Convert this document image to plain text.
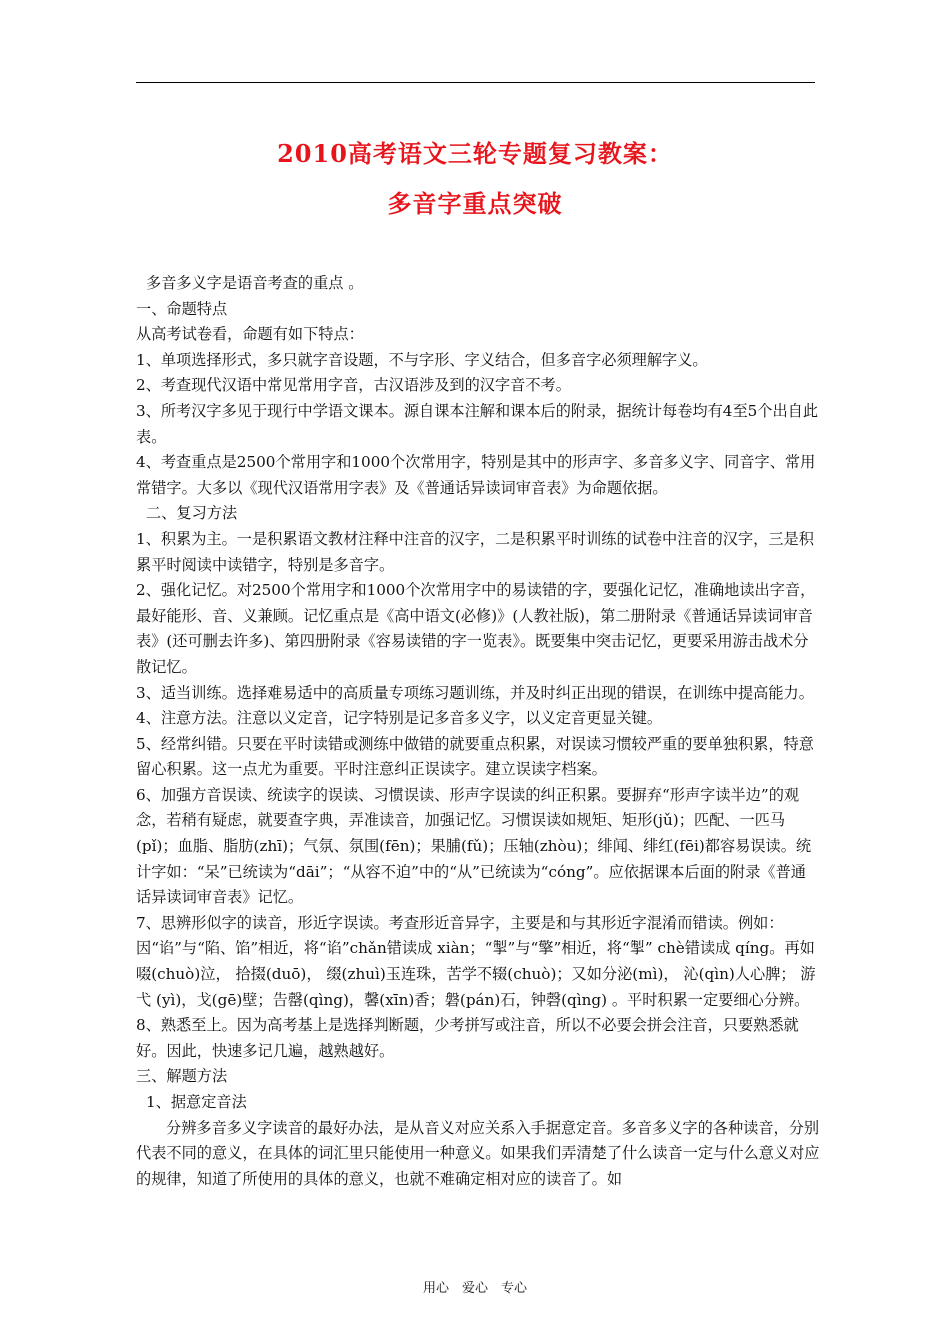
2010高考语文三轮专题复习教案：
多音字重点突破

多音多义字是语音考查的重点 。

一、命题特点

从高考试卷看，命题有如下特点：

1、单项选择形式，多只就字音设题，不与字形、字义结合，但多音字必须理解字义。

2、考查现代汉语中常见常用字音，古汉语涉及到的汉字音不考。

3、所考汉字多见于现行中学语文课本。源自课本注解和课本后的附录，据统计每卷均有4至5个出自此表。

4、考查重点是2500个常用字和1000个次常用字，特别是其中的形声字、多音多义字、同音字、常用常错字。大多以《现代汉语常用字表》及《普通话异读词审音表》为命题依据。

二、复习方法

1、积累为主。一是积累语文教材注释中注音的汉字，二是积累平时训练的试卷中注音的汉字，三是积累平时阅读中读错字，特别是多音字。

2、强化记忆。对2500个常用字和1000个次常用字中的易读错的字，要强化记忆，准确地读出字音，最好能形、音、义兼顾。记忆重点是《高中语文(必修)》(人教社版)，第二册附录《普通话异读词审音表》(还可删去许多)、第四册附录《容易读错的字一览表》。既要集中突击记忆，更要采用游击战术分散记忆。

3、适当训练。选择难易适中的高质量专项练习题训练，并及时纠正出现的错误，在训练中提高能力。

4、注意方法。注意以义定音，记字特别是记多音多义字，以义定音更显关键。

5、经常纠错。只要在平时读错或测练中做错的就要重点积累，对误读习惯较严重的要单独积累，特意留心积累。这一点尤为重要。平时注意纠正误读字。建立误读字档案。

6、加强方音误读、统读字的误读、习惯误读、形声字误读的纠正积累。要摒弃“形声字读半边”的观念，若稍有疑虑，就要查字典，弄准读音，加强记忆。习惯误读如规矩、矩形(jǔ)；匹配、一匹马(pǐ)；血脂、脂肪(zhī)；气氛、氛围(fēn)；果脯(fǔ)；压轴(zhòu)；绯闻、绯红(fēi)都容易误读。统计字如：“呆”已统读为“dāi”；“从容不迫”中的“从”已统读为“cóng”。应依据课本后面的附录《普通话异读词审音表》记忆。

7、思辨形似字的读音，形近字误读。考查形近音异字，主要是和与其形近字混淆而错读。例如：因“谄”与“陷、馅”相近，将“谄”chǎn错读成 xiàn；“掣”与“擎”相近，将“掣” chè错读成 qíng。再如啜(chuò)泣， 拾掇(duō)， 缀(zhuì)玉连珠，苦学不辍(chuò)；又如分泌(mì)， 沁(qìn)人心脾； 游弋 (yì)，戈(gē)壁；告罄(qìng)，馨(xīn)香；磐(pán)石，钟磬(qìng) 。平时积累一定要细心分辨。

8、熟悉至上。因为高考基上是选择判断题，少考拼写或注音，所以不必要会拼会注音，只要熟悉就好。因此，快速多记几遍，越熟越好。

三、解题方法

1、据意定音法

分辨多音多义字读音的最好办法，是从音义对应关系入手据意定音。多音多义字的各种读音，分别代表不同的意义，在具体的词汇里只能使用一种意义。如果我们弄清楚了什么读音一定与什么意义对应的规律，知道了所使用的具体的意义，也就不难确定相对应的读音了。如

用心　爱心　专心
